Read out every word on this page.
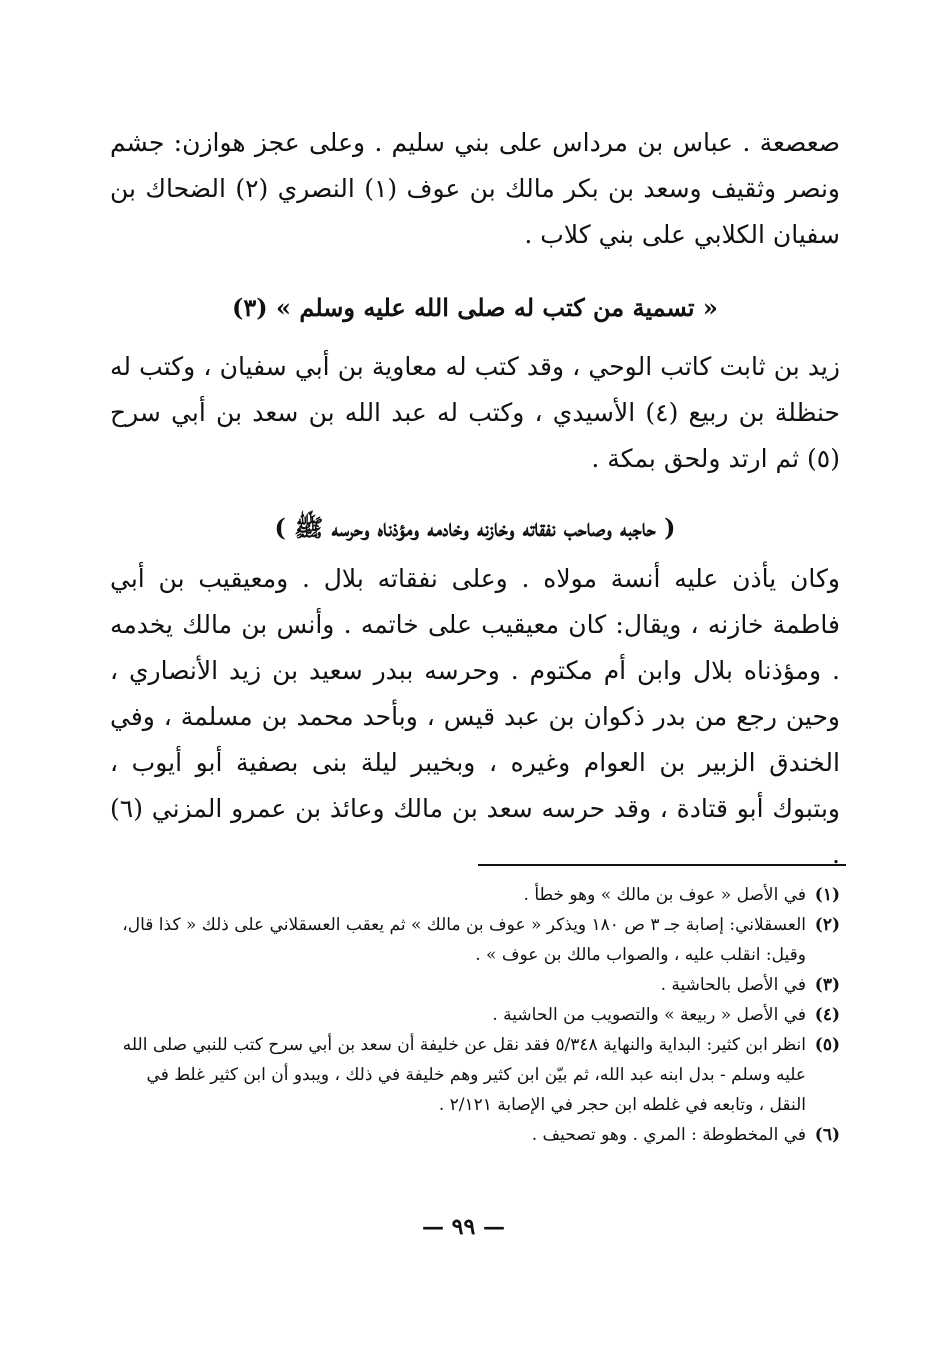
صعصعة . عباس بن مرداس على بني سليم . وعلى عجز هوازن: جشم ونصر وثقيف وسعد بن بكر مالك بن عوف (١) النصري (٢) الضحاك بن سفيان الكلابي على بني كلاب .

« تسمية من كتب له صلى الله عليه وسلم » (٣)

زيد بن ثابت كاتب الوحي ، وقد كتب له معاوية بن أبي سفيان ، وكتب له حنظلة بن ربيع (٤) الأسيدي ، وكتب له عبد الله بن سعد بن أبي سرح (٥) ثم ارتد ولحق بمكة .

( حاجبه وصاحب نفقاته وخازنه وخادمه ومؤذناه وحرسه ﷺ )

وكان يأذن عليه أنسة مولاه . وعلى نفقاته بلال . ومعيقيب بن أبي فاطمة خازنه ، ويقال: كان معيقيب على خاتمه . وأنس بن مالك يخدمه . ومؤذناه بلال وابن أم مكتوم . وحرسه ببدر سعيد بن زيد الأنصاري ، وحين رجع من بدر ذكوان بن عبد قيس ، وبأحد محمد بن مسلمة ، وفي الخندق الزبير بن العوام وغيره ، وبخيبر ليلة بنى بصفية أبو أيوب ، وبتبوك أبو قتادة ، وقد حرسه سعد بن مالك وعائذ بن عمرو المزني (٦) .

(١)
في الأصل « عوف بن مالك » وهو خطأ .
(٢)
العسقلاني: إصابة جـ ٣ ص ١٨٠ ويذكر « عوف بن مالك » ثم يعقب العسقلاني على ذلك « كذا قال، وقيل: انقلب عليه ، والصواب مالك بن عوف » .
(٣)
في الأصل بالحاشية .
(٤)
في الأصل « ربيعة » والتصويب من الحاشية .
(٥)
انظر ابن كثير: البداية والنهاية ٥/٣٤٨ فقد نقل عن خليفة أن سعد بن أبي سرح كتب للنبي صلى الله عليه وسلم - بدل ابنه عبد الله، ثم بيّن ابن كثير وهم خليفة في ذلك ، ويبدو أن ابن كثير غلط في النقل ، وتابعه في غلطه ابن حجر في الإصابة ٢/١٢١ .
(٦)
في المخطوطة : المري . وهو تصحيف .
— ٩٩ —
